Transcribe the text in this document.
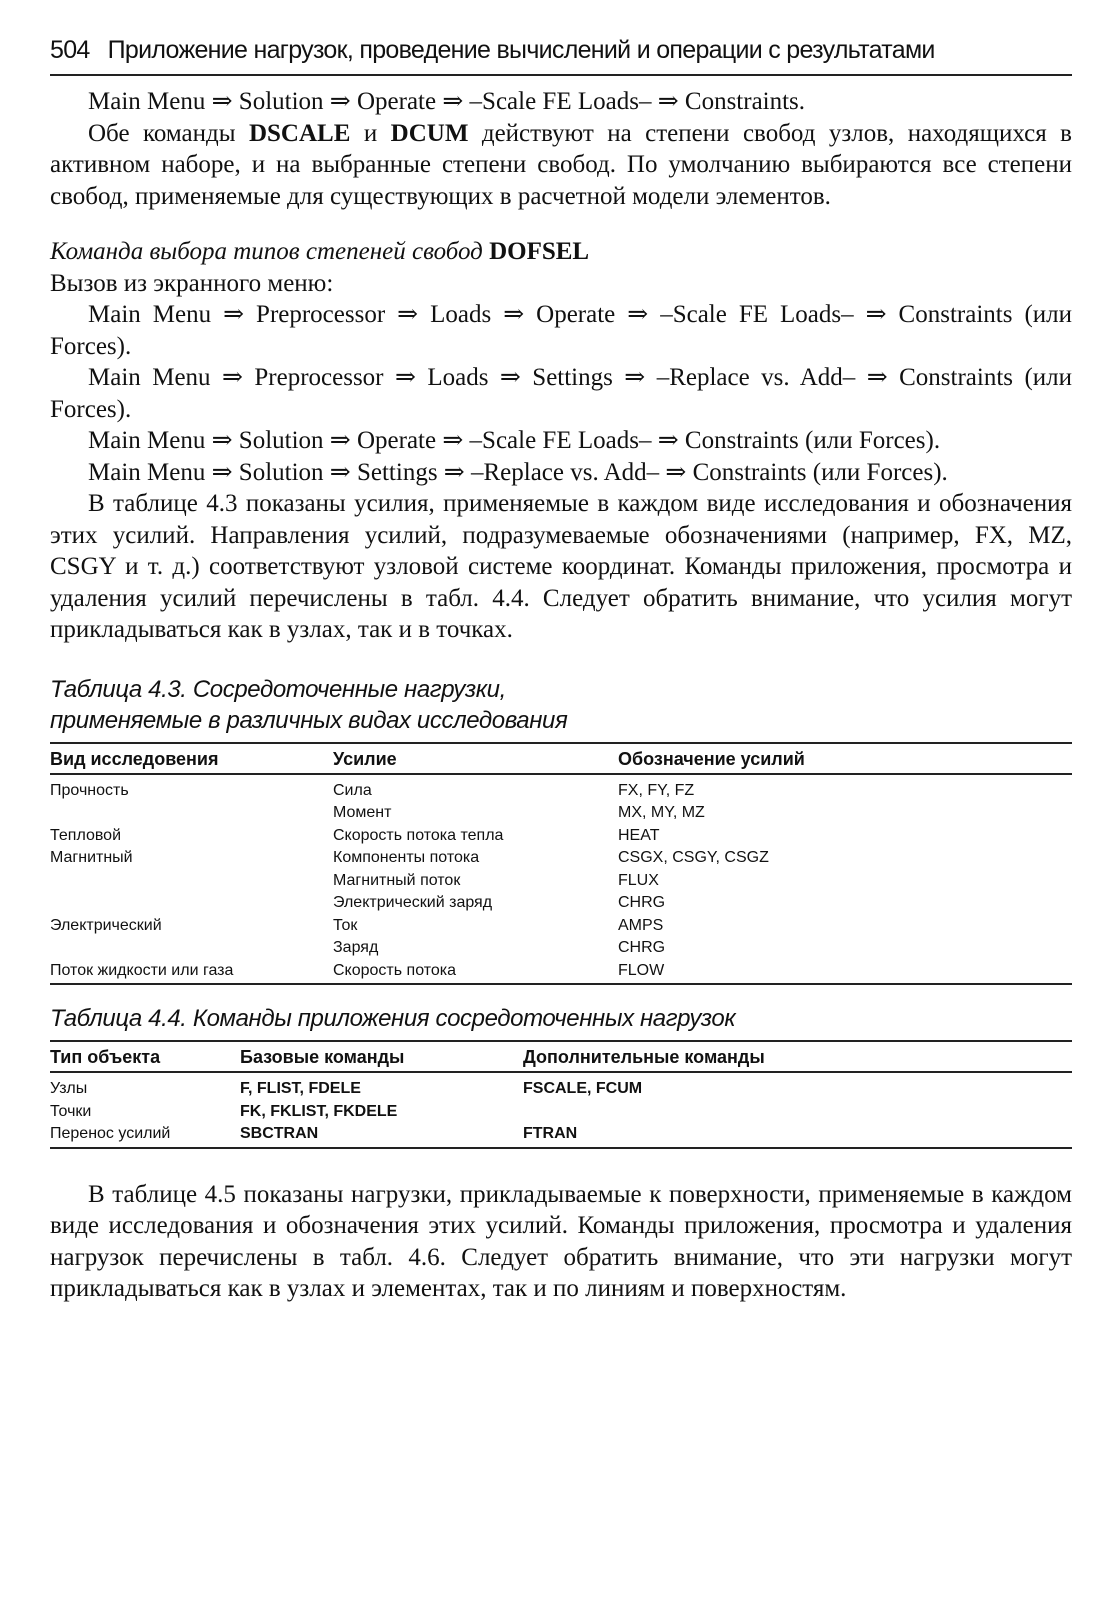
504 Приложение нагрузок, проведение вычислений и операции с результатами

Main Menu ⇒ Solution ⇒ Operate ⇒ –Scale FE Loads– ⇒ Constraints.

Обе команды DSCALE и DCUM действуют на степени свобод узлов, находящихся в активном наборе, и на выбранные степени свобод. По умолчанию выбираются все степени свобод, применяемые для существующих в расчетной модели элементов.

Команда выбора типов степеней свобод DOFSEL

Вызов из экранного меню:

Main Menu ⇒ Preprocessor ⇒ Loads ⇒ Operate ⇒ –Scale FE Loads– ⇒ Constraints (или Forces).

Main Menu ⇒ Preprocessor ⇒ Loads ⇒ Settings ⇒ –Replace vs. Add– ⇒ Constraints (или Forces).

Main Menu ⇒ Solution ⇒ Operate ⇒ –Scale FE Loads– ⇒ Constraints (или Forces).

Main Menu ⇒ Solution ⇒ Settings ⇒ –Replace vs. Add– ⇒ Constraints (или Forces).

В таблице 4.3 показаны усилия, применяемые в каждом виде исследования и обозначения этих усилий. Направления усилий, подразумеваемые обозначениями (например, FX, MZ, CSGY и т. д.) соответствуют узловой системе координат. Команды приложения, просмотра и удаления усилий перечислены в табл. 4.4. Следует обратить внимание, что усилия могут прикладываться как в узлах, так и в точках.

Таблица 4.3. Сосредоточенные нагрузки,
применяемые в различных видах исследования
Вид исследовения	Усилие	Обозначение усилий
Прочность	Сила	FX, FY, FZ
	Момент	MX, MY, MZ
Тепловой	Скорость потока тепла	HEAT
Магнитный	Компоненты потока	CSGX, CSGY, CSGZ
	Магнитный поток	FLUX
	Электрический заряд	CHRG
Электрический	Ток	AMPS
	Заряд	CHRG
Поток жидкости или газа	Скорость потока	FLOW
Таблица 4.4. Команды приложения сосредоточенных нагрузок
Тип объекта	Базовые команды	Дополнительные команды
Узлы	F, FLIST, FDELE	FSCALE, FCUM
Точки	FK, FKLIST, FKDELE	
Перенос усилий	SBCTRAN	FTRAN

В таблице 4.5 показаны нагрузки, прикладываемые к поверхности, применяемые в каждом виде исследования и обозначения этих усилий. Команды приложения, просмотра и удаления нагрузок перечислены в табл. 4.6. Следует обратить внимание, что эти нагрузки могут прикладываться как в узлах и элементах, так и по линиям и поверхностям.
